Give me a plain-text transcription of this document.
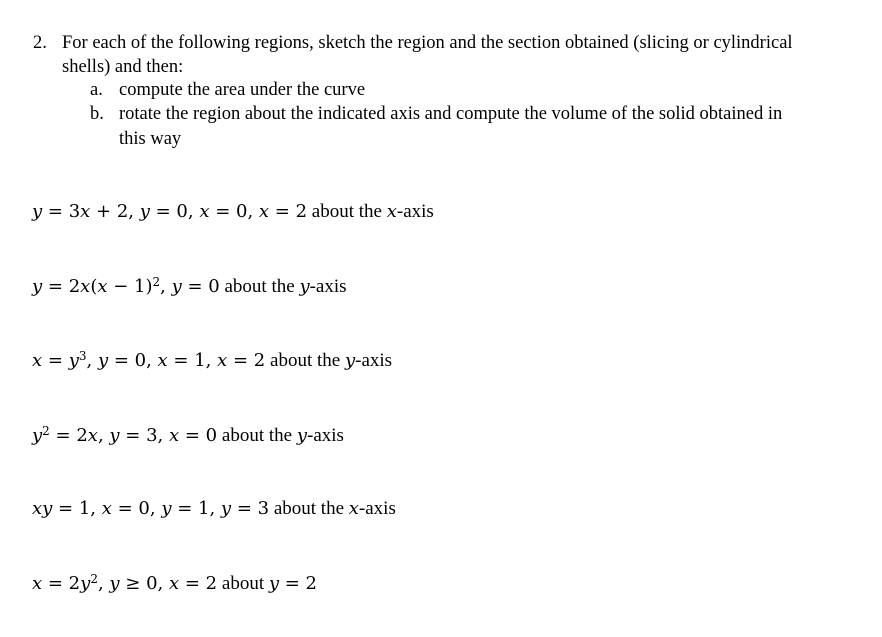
2. For each of the following regions, sketch the region and the section obtained (slicing or cylindrical
shells) and then:
a. compute the area under the curve
b. rotate the region about the indicated axis and compute the volume of the solid obtained in
this way
y = 3x + 2, y = 0, x = 0, x = 2 about the x-axis
$y = 2x(x - 1)^2$, y = 0 about the y-axis
$x = y^3$, y = 0, x = 1, x = 2 about the y-axis
$y^2 = 2x$, y = 3, x = 0 about the y-axis
xy = 1, x = 0, y = 1, y = 3 about the x-axis
$x = 2y^2$, y ≥ 0, x = 2 about y = 2
